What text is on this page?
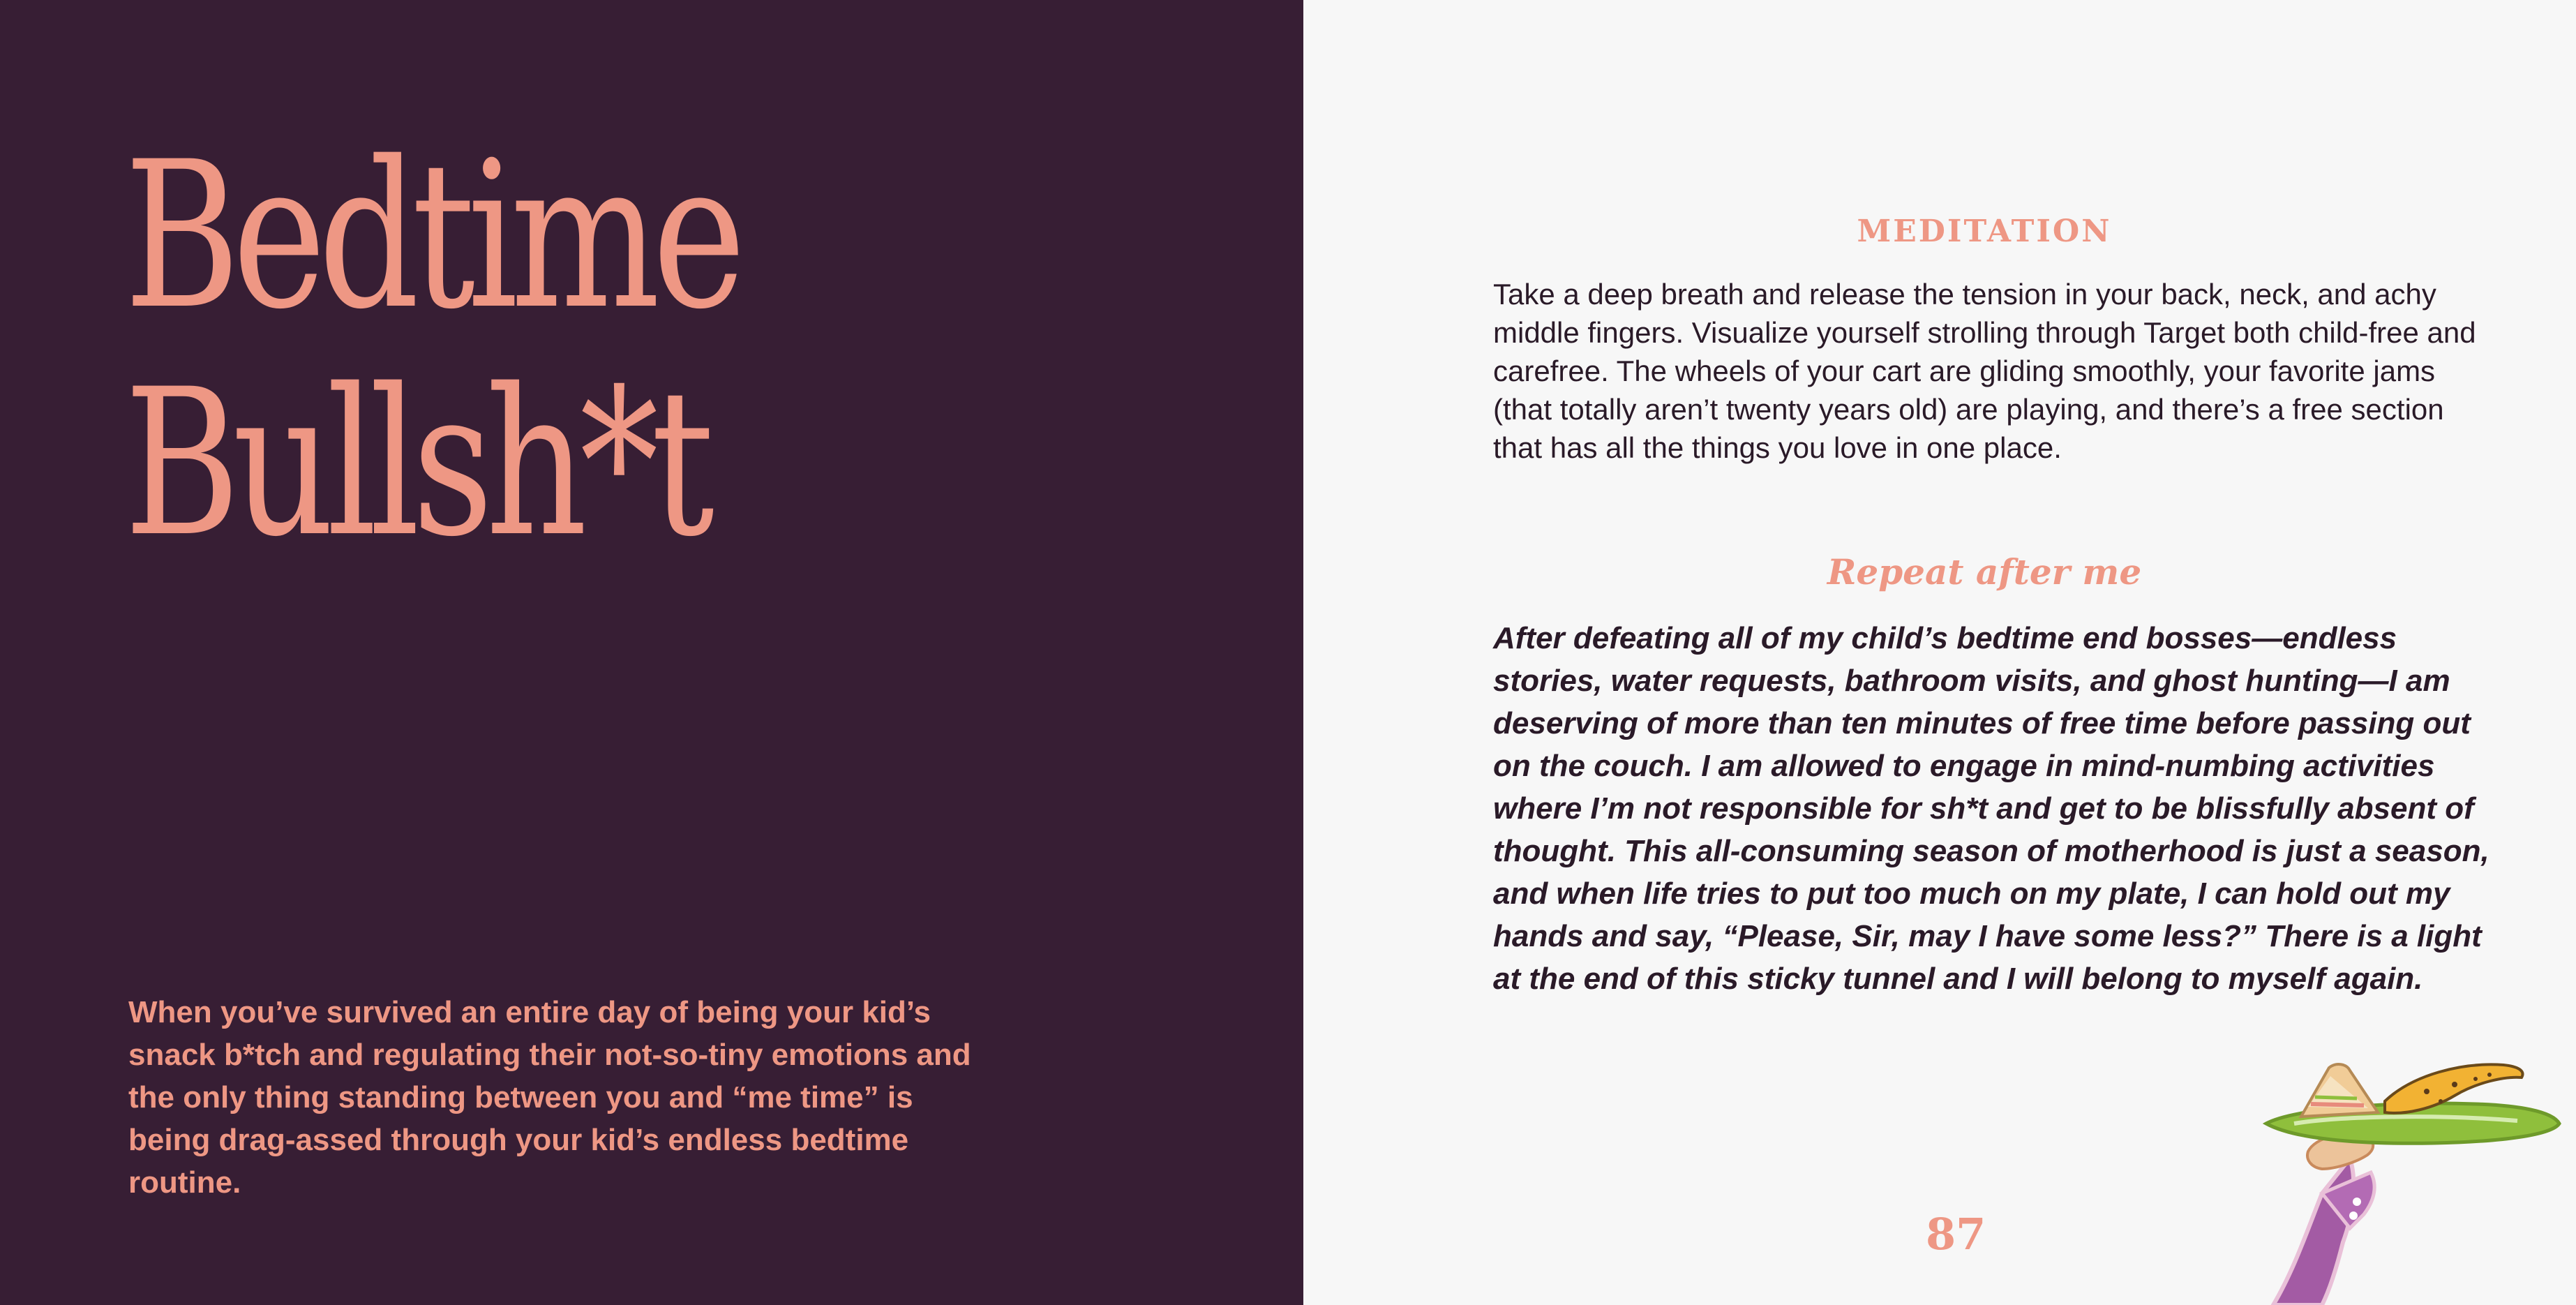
Bedtime
Bullsh*t

When you’ve survived an entire day of being your kid’s snack b*tch and regulating their not-so-tiny emotions and the only thing standing between you and “me time” is being drag-assed through your kid’s endless bedtime routine.

MEDITATION

Take a deep breath and release the tension in your back, neck, and achy middle fingers. Visualize yourself strolling through Target both child-free and carefree. The wheels of your cart are gliding smoothly, your favorite jams (that totally aren’t twenty years old) are playing, and there’s a free section that has all the things you love in one place.

Repeat after me

After defeating all of my child’s bedtime end bosses—endless stories, water requests, bathroom visits, and ghost hunting—I am deserving of more than ten minutes of free time before passing out on the couch. I am allowed to engage in mind-numbing activities where I’m not responsible for sh*t and get to be blissfully absent of thought. This all-consuming season of motherhood is just a season, and when life tries to put too much on my plate, I can hold out my hands and say, “Please, Sir, may I have some less?” There is a light at the end of this sticky tunnel and I will belong to myself again.

87
